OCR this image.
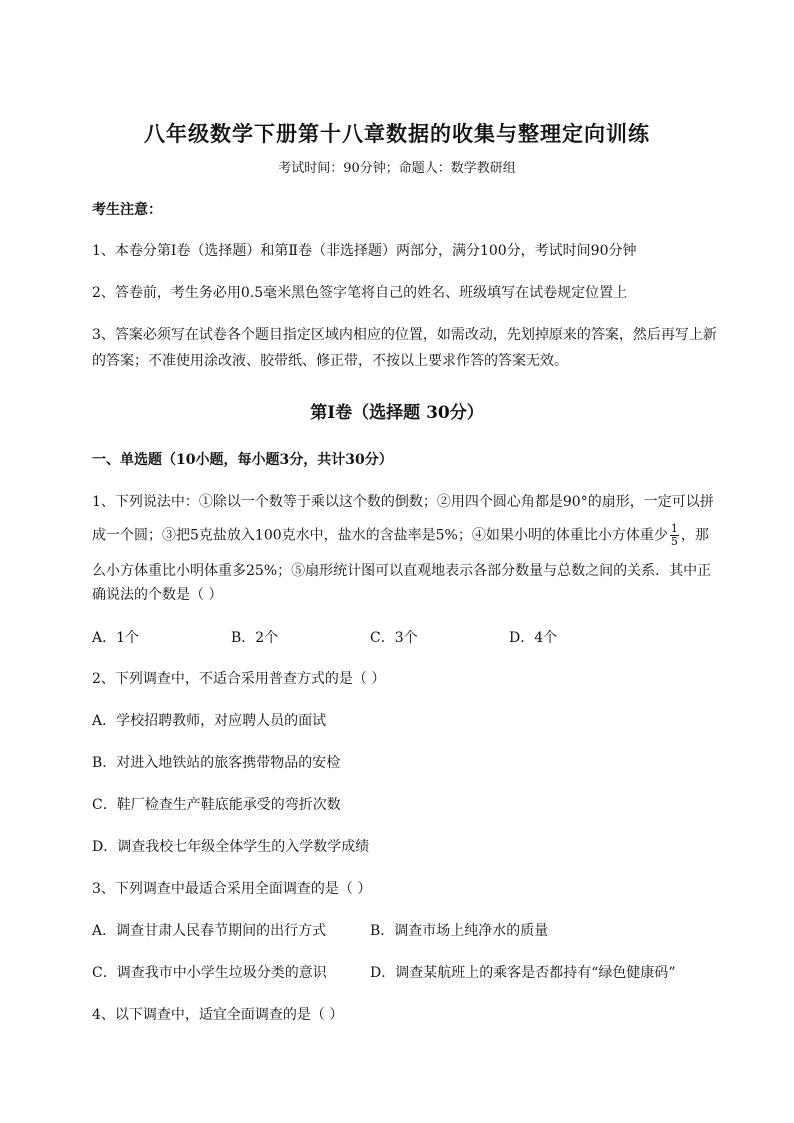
八年级数学下册第十八章数据的收集与整理定向训练
考试时间：90分钟；命题人：数学教研组
考生注意：
1、本卷分第I卷（选择题）和第Ⅱ卷（非选择题）两部分，满分100分，考试时间90分钟
2、答卷前，考生务必用0.5毫米黑色签字笔将自己的姓名、班级填写在试卷规定位置上
3、答案必须写在试卷各个题目指定区域内相应的位置，如需改动，先划掉原来的答案，然后再写上新
的答案；不准使用涂改液、胶带纸、修正带，不按以上要求作答的答案无效。
第I卷（选择题 30分）
一、单选题（10小题，每小题3分，共计30分）
1、下列说法中：①除以一个数等于乘以这个数的倒数；②用四个圆心角都是90°的扇形，一定可以拼
成一个圆；③把5克盐放入100克水中，盐水的含盐率是5%；④如果小明的体重比小方体重少 $\frac{1}{5}$ ，那
么小方体重比小明体重多25%；⑤扇形统计图可以直观地表示各部分数量与总数之间的关系．其中正
确说法的个数是（ ）
A．1个	B．2个	C．3个	D．4个
2、下列调查中，不适合采用普查方式的是（ ）
A．学校招聘教师，对应聘人员的面试
B．对进入地铁站的旅客携带物品的安检
C．鞋厂检查生产鞋底能承受的弯折次数
D．调查我校七年级全体学生的入学数学成绩
3、下列调查中最适合采用全面调查的是（ ）
A．调查甘肃人民春节期间的出行方式	B．调查市场上纯净水的质量
C．调查我市中小学生垃圾分类的意识	D．调查某航班上的乘客是否都持有“绿色健康码”
4、以下调查中，适宜全面调查的是（ ）
